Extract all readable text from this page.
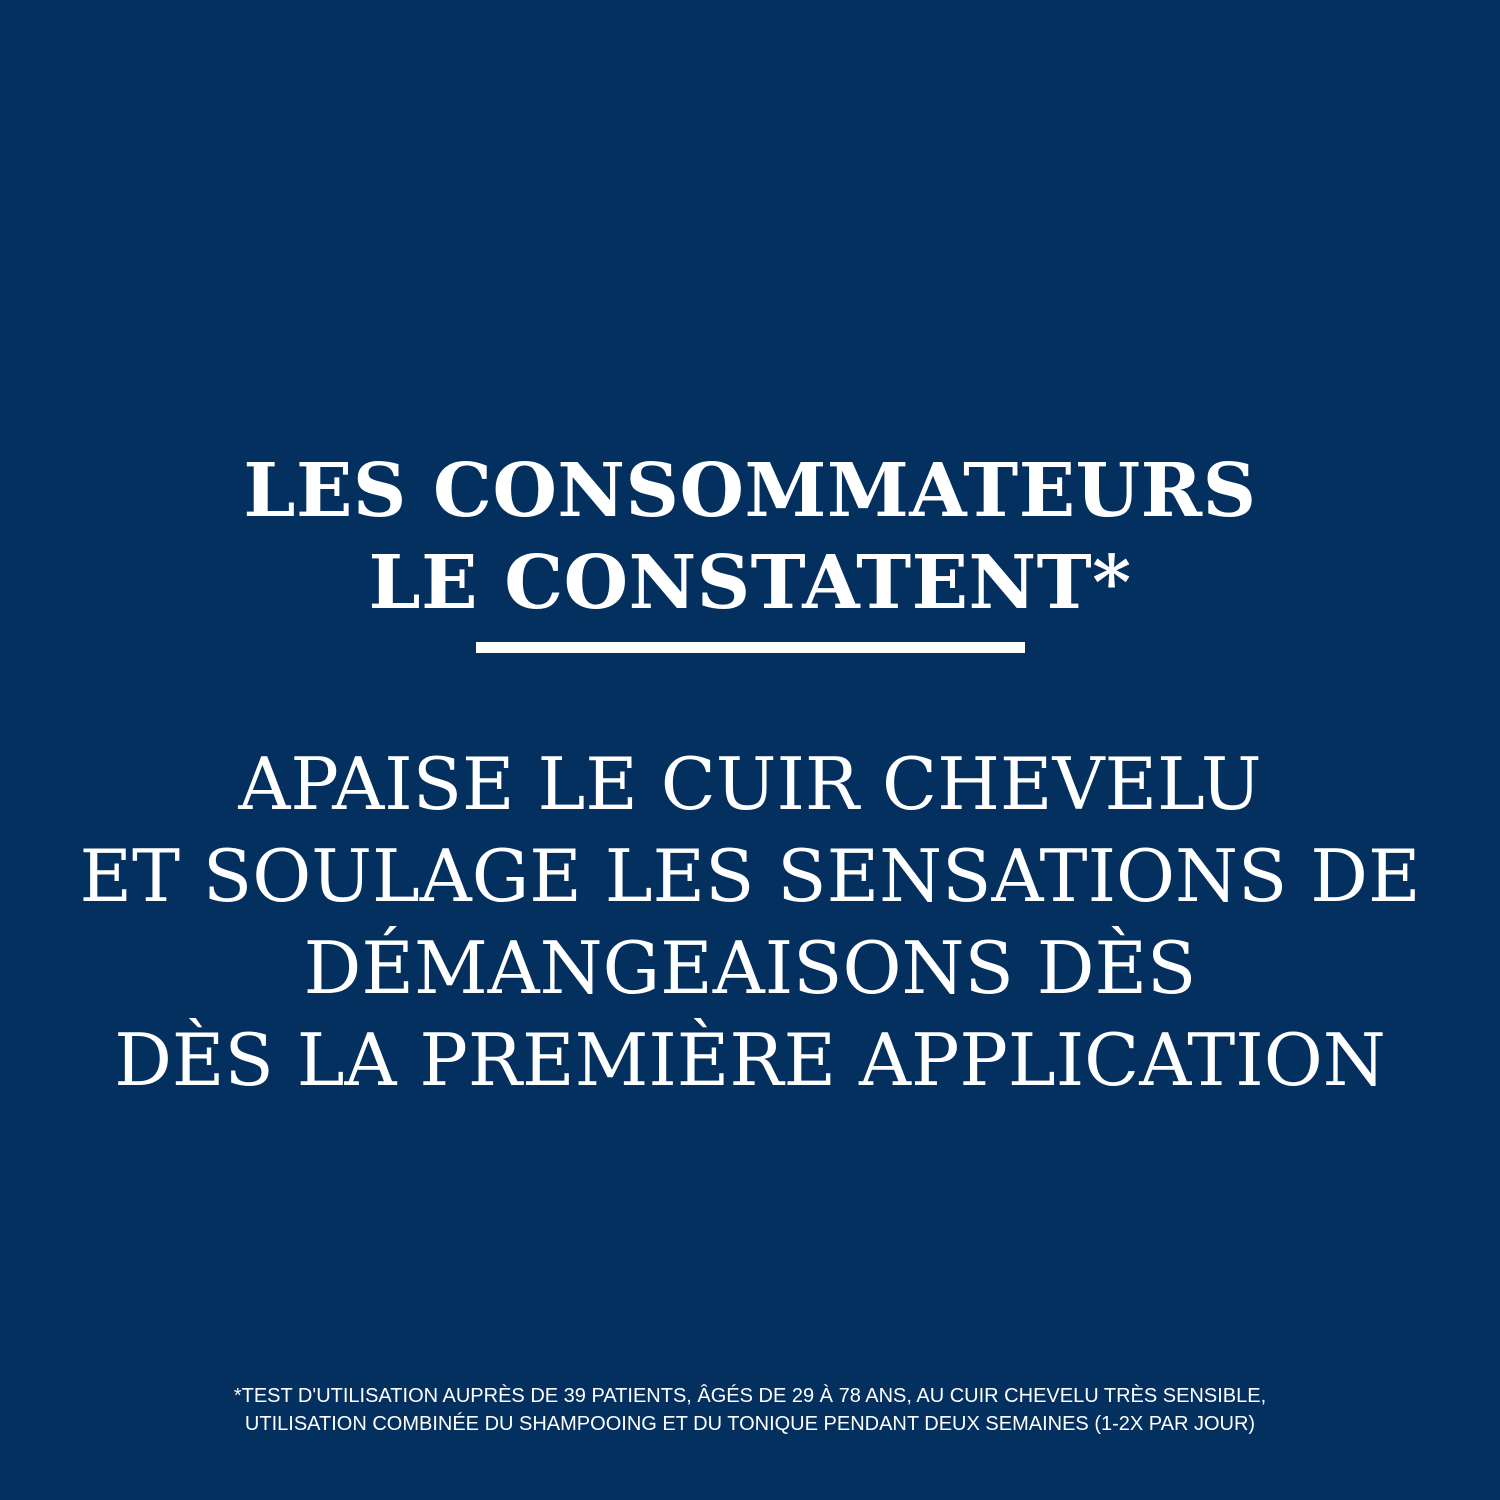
LES CONSOMMATEURS
LE CONSTATENT*
APAISE LE CUIR CHEVELU
ET SOULAGE LES SENSATIONS DE
DÉMANGEAISONS DÈS
DÈS LA PREMIÈRE APPLICATION
*TEST D'UTILISATION AUPRÈS DE 39 PATIENTS, ÂGÉS DE 29 À 78 ANS, AU CUIR CHEVELU TRÈS SENSIBLE,
UTILISATION COMBINÉE DU SHAMPOOING ET DU TONIQUE PENDANT DEUX SEMAINES (1-2X PAR JOUR)
